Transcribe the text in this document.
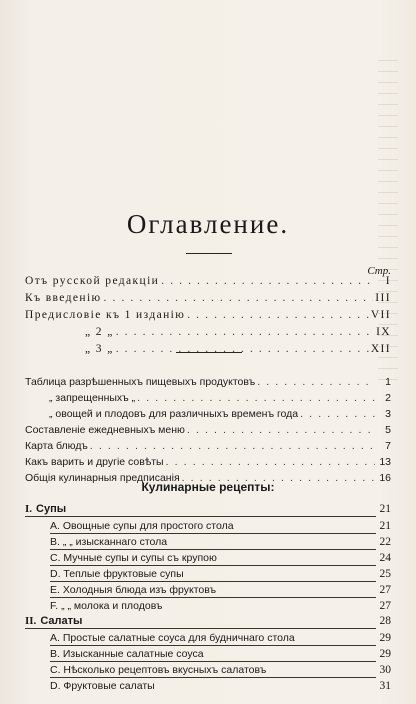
Оглавление.
Стр.
Отъ русской редакціи . . .	I
Къ введенію . . .	III
Предисловіе къ 1 изданію . . .	VII
„ 2 „ . . .	IX
„ 3 „ . . .	XII
Таблица разрѣшенныхъ пищевыхъ продуктовъ . . .	1
„ запрещенныхъ „ . . .	2
„ овощей и плодовъ для различныхъ временъ года . . .	3
Составленіе ежедневныхъ меню . . .	5
Карта блюдъ . . .	7
Какъ варить и другіе совѣты . . .	13
Общія кулинарныя предписанія . . .	16
Кулинарные рецепты:
I. Супы	21
A. Овощные супы для простого стола	21
B. „ „ изысканнаго стола	22
C. Мучные супы и супы съ крупою	24
D. Теплые фруктовые супы	25
E. Холодныя блюда изъ фруктовъ	27
F. „ „ молока и плодовъ	27
II. Салаты	28
A. Простые салатные соуса для будничнаго стола	29
B. Изысканные салатные соуса	29
C. Нѣсколько рецептовъ вкусныхъ салатовъ	30
D. Фруктовые салаты	31
